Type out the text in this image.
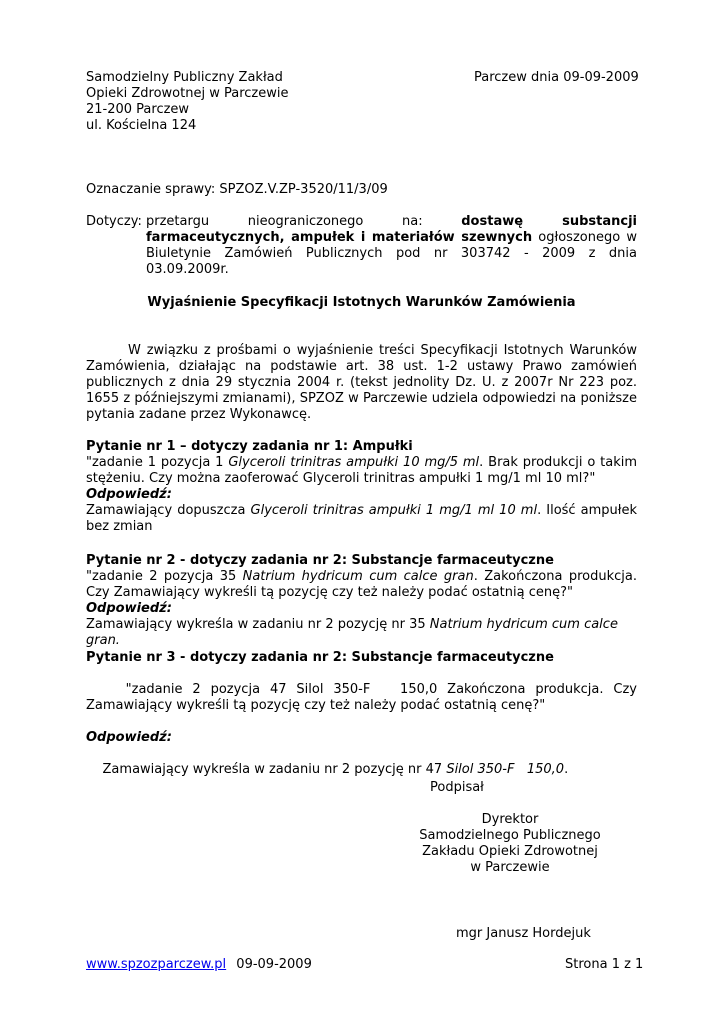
Samodzielny Publiczny Zakład
Opieki Zdrowotnej w Parczewie
21-200 Parczew
ul. Kościelna 124
Parczew dnia 09-09-2009
Oznaczanie sprawy: SPZOZ.V.ZP-3520/11/3/09
Dotyczy: przetargu nieograniczonego na: dostawę substancji farmaceutycznych, ampułek i materiałów szewnych ogłoszonego w Biuletynie Zamówień Publicznych pod nr 303742 - 2009 z dnia 03.09.2009r.
Wyjaśnienie Specyfikacji Istotnych Warunków Zamówienia
W związku z prośbami o wyjaśnienie treści Specyfikacji Istotnych Warunków Zamówienia, działając na podstawie art. 38 ust. 1-2 ustawy Prawo zamówień publicznych z dnia 29 stycznia 2004 r. (tekst jednolity Dz. U. z 2007r Nr 223 poz. 1655 z późniejszymi zmianami), SPZOZ w Parczewie udziela odpowiedzi na poniższe pytania zadane przez Wykonawcę.
Pytanie nr 1 – dotyczy zadania nr 1: Ampułki
"zadanie 1 pozycja 1 Glyceroli trinitras ampułki 10 mg/5 ml. Brak produkcji o takim stężeniu. Czy można zaoferować Glyceroli trinitras ampułki 1 mg/1 ml 10 ml?"
Odpowiedź:
Zamawiający dopuszcza Glyceroli trinitras ampułki 1 mg/1 ml 10 ml. Ilość ampułek bez zmian
Pytanie nr 2 - dotyczy zadania nr 2: Substancje farmaceutyczne
"zadanie 2 pozycja 35 Natrium hydricum cum calce gran. Zakończona produkcja. Czy Zamawiający wykreśli tą pozycję czy też należy podać ostatnią cenę?"
Odpowiedź:
Zamawiający wykreśla w zadaniu nr 2 pozycję nr 35 Natrium hydricum cum calce gran.
Pytanie nr 3 - dotyczy zadania nr 2: Substancje farmaceutyczne

"zadanie 2 pozycja 47 Silol 350-F   150,0 Zakończona produkcja. Czy Zamawiający wykreśli tą pozycję czy też należy podać ostatnią cenę?"

Odpowiedź:

Zamawiający wykreśla w zadaniu nr 2 pozycję nr 47 Silol 350-F   150,0.

Podpisał
Dyrektor
Samodzielnego Publicznego
Zakładu Opieki Zdrowotnej
w Parczewie
mgr Janusz Hordejuk
www.spzozparczew.pl 09-09-2009	Strona 1 z 1
